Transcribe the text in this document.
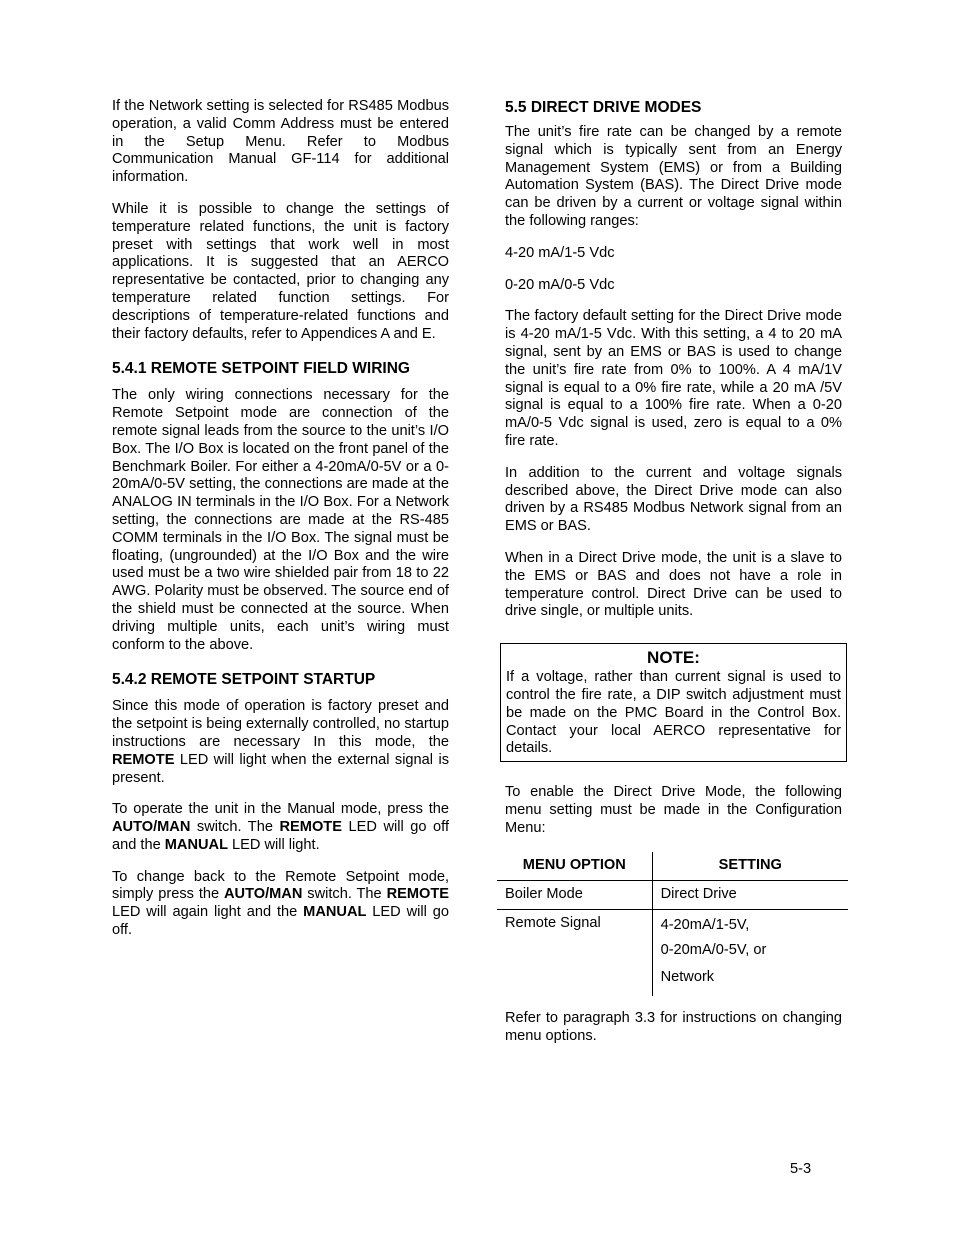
If the Network setting is selected for RS485 Modbus operation, a valid Comm Address must be entered in the Setup Menu. Refer to Modbus Communication Manual GF-114 for additional information.

While it is possible to change the settings of temperature related functions, the unit is factory preset with settings that work well in most applications. It is suggested that an AERCO representative be contacted, prior to changing any temperature related function settings. For descriptions of temperature-related functions and their factory defaults, refer to Appendices A and E.

5.4.1 REMOTE SETPOINT FIELD WIRING

The only wiring connections necessary for the Remote Setpoint mode are connection of the remote signal leads from the source to the unit’s I/O Box. The I/O Box is located on the front panel of the Benchmark Boiler. For either a 4-20mA/0-5V or a 0-20mA/0-5V setting, the connections are made at the ANALOG IN terminals in the I/O Box. For a Network setting, the connections are made at the RS-485 COMM terminals in the I/O Box. The signal must be floating, (ungrounded) at the I/O Box and the wire used must be a two wire shielded pair from 18 to 22 AWG. Polarity must be observed. The source end of the shield must be connected at the source. When driving multiple units, each unit’s wiring must conform to the above.

5.4.2 REMOTE SETPOINT STARTUP

Since this mode of operation is factory preset and the setpoint is being externally controlled, no startup instructions are necessary In this mode, the REMOTE LED will light when the external signal is present.

To operate the unit in the Manual mode, press the AUTO/MAN switch. The REMOTE LED will go off and the MANUAL LED will light.

To change back to the Remote Setpoint mode, simply press the AUTO/MAN switch. The REMOTE LED will again light and the MANUAL LED will go off.

5.5 DIRECT DRIVE MODES

The unit’s fire rate can be changed by a remote signal which is typically sent from an Energy Management System (EMS) or from a Building Automation System (BAS). The Direct Drive mode can be driven by a current or voltage signal within the following ranges:

4-20 mA/1-5 Vdc

0-20 mA/0-5 Vdc

The factory default setting for the Direct Drive mode is 4-20 mA/1-5 Vdc. With this setting, a 4 to 20 mA signal, sent by an EMS or BAS is used to change the unit’s fire rate from 0% to 100%. A 4 mA/1V signal is equal to a 0% fire rate, while a 20 mA /5V signal is equal to a 100% fire rate. When a 0-20 mA/0-5 Vdc signal is used, zero is equal to a 0% fire rate.

In addition to the current and voltage signals described above, the Direct Drive mode can also driven by a RS485 Modbus Network signal from an EMS or BAS.

When in a Direct Drive mode, the unit is a slave to the EMS or BAS and does not have a role in temperature control. Direct Drive can be used to drive single, or multiple units.

NOTE:

If a voltage, rather than current signal is used to control the fire rate, a DIP switch adjustment must be made on the PMC Board in the Control Box. Contact your local AERCO representative for details.

To enable the Direct Drive Mode, the following menu setting must be made in the Configuration Menu:

MENU OPTION	SETTING
Boiler Mode	Direct Drive
Remote Signal	4-20mA/1-5V,
0-20mA/0-5V, or
Network

Refer to paragraph 3.3 for instructions on changing menu options.

5-3
